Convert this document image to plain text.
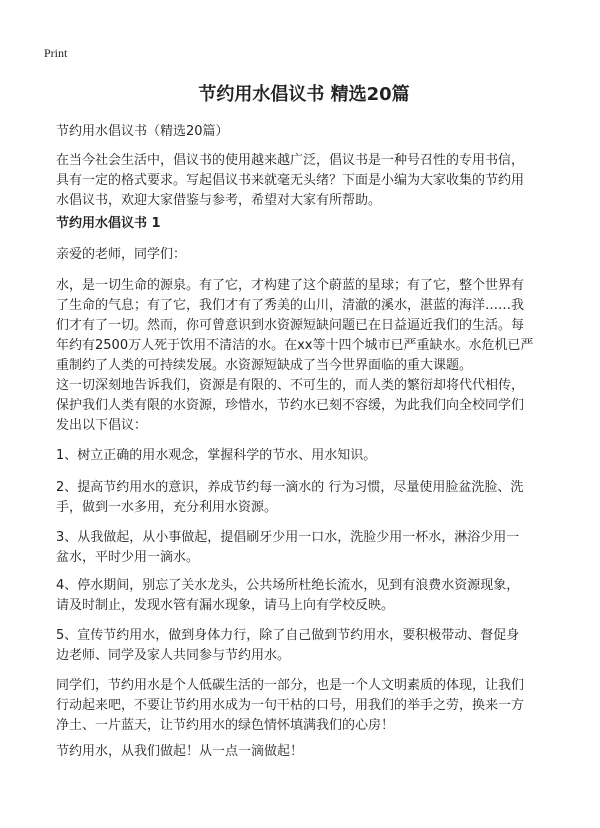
Print
节约用水倡议书 精选20篇

节约用水倡议书（精选20篇）

在当今社会生活中，倡议书的使用越来越广泛，倡议书是一种号召性的专用书信，
具有一定的格式要求。写起倡议书来就毫无头绪？下面是小编为大家收集的节约用
水倡议书，欢迎大家借鉴与参考，希望对大家有所帮助。

节约用水倡议书 1

亲爱的老师，同学们：

水，是一切生命的源泉。有了它，才构建了这个蔚蓝的星球；有了它，整个世界有
了生命的气息；有了它，我们才有了秀美的山川，清澈的溪水，湛蓝的海洋……我
们才有了一切。然而，你可曾意识到水资源短缺问题已在日益逼近我们的生活。每
年约有2500万人死于饮用不清洁的水。在xx等十四个城市已严重缺水。水危机已严
重制约了人类的可持续发展。水资源短缺成了当今世界面临的重大课题。

这一切深刻地告诉我们，资源是有限的、不可生的，而人类的繁衍却将代代相传，
保护我们人类有限的水资源，珍惜水，节约水已刻不容缓，为此我们向全校同学们
发出以下倡议：

1、树立正确的用水观念，掌握科学的节水、用水知识。

2、提高节约用水的意识，养成节约每一滴水的 行为习惯，尽量使用脸盆洗脸、洗
手，做到一水多用，充分利用水资源。

3、从我做起，从小事做起，提倡刷牙少用一口水，洗脸少用一杯水，淋浴少用一
盆水，平时少用一滴水。

4、停水期间，别忘了关水龙头，公共场所杜绝长流水，见到有浪费水资源现象，
请及时制止，发现水管有漏水现象，请马上向有学校反映。

5、宣传节约用水，做到身体力行，除了自己做到节约用水，要积极带动、督促身
边老师、同学及家人共同参与节约用水。

同学们，节约用水是个人低碳生活的一部分，也是一个人文明素质的体现，让我们
行动起来吧，不要让节约用水成为一句干枯的口号，用我们的举手之劳，换来一方
净土、一片蓝天，让节约用水的绿色情怀填满我们的心房！

节约用水，从我们做起！从一点一滴做起！
